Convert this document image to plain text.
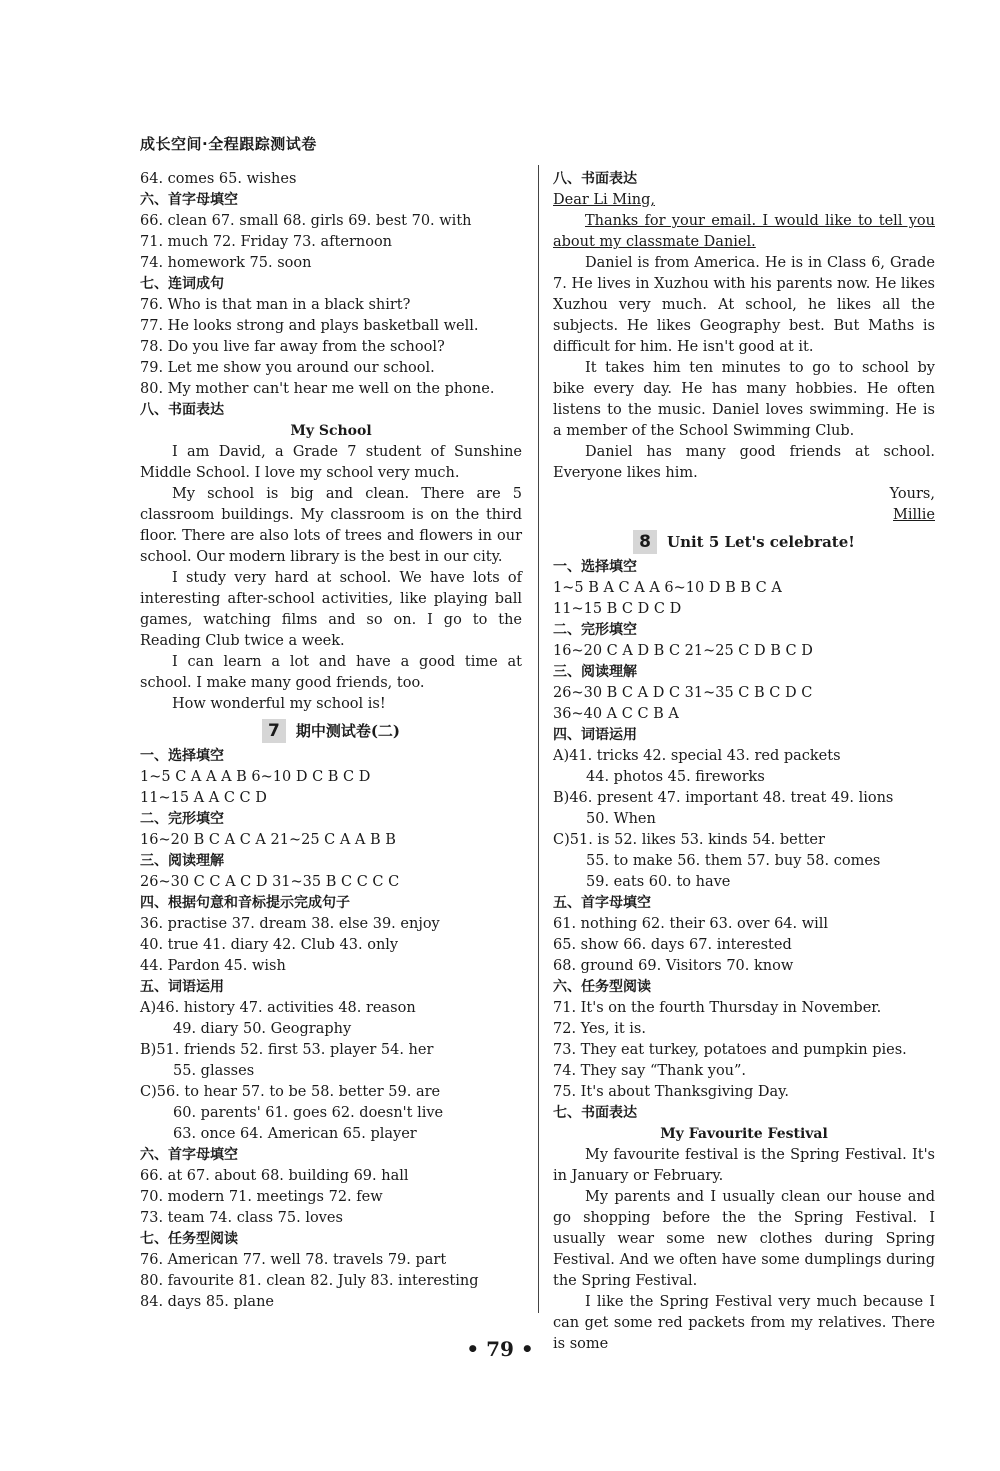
成长空间·全程跟踪测试卷
64. comes 65. wishes
六、首字母填空
66. clean 67. small 68. girls 69. best 70. with
71. much 72. Friday 73. afternoon
74. homework 75. soon
七、连词成句
76. Who is that man in a black shirt?
77. He looks strong and plays basketball well.
78. Do you live far away from the school?
79. Let me show you around our school.
80. My mother can't hear me well on the phone.
八、书面表达
My School
I am David, a Grade 7 student of Sunshine Middle School. I love my school very much.
My school is big and clean. There are 5 classroom buildings. My classroom is on the third floor. There are also lots of trees and flowers in our school. Our modern library is the best in our city.
I study very hard at school. We have lots of interesting after-school activities, like playing ball games, watching films and so on. I go to the Reading Club twice a week.
I can learn a lot and have a good time at school. I make many good friends, too.
How wonderful my school is!
7	期中测试卷(二)
一、选择填空
1~5 C A A A B 6~10 D C B C D
11~15 A A C C D
二、完形填空
16~20 B C A C A 21~25 C A A B B
三、阅读理解
26~30 C C A C D 31~35 B C C C C
四、根据句意和音标提示完成句子
36. practise 37. dream 38. else 39. enjoy
40. true 41. diary 42. Club 43. only
44. Pardon 45. wish
五、词语运用
A)46. history 47. activities 48. reason
49. diary 50. Geography
B)51. friends 52. first 53. player 54. her
55. glasses
C)56. to hear 57. to be 58. better 59. are
60. parents' 61. goes 62. doesn't live
63. once 64. American 65. player
六、首字母填空
66. at 67. about 68. building 69. hall
70. modern 71. meetings 72. few
73. team 74. class 75. loves
七、任务型阅读
76. American 77. well 78. travels 79. part
80. favourite 81. clean 82. July 83. interesting
84. days 85. plane
八、书面表达
Dear Li Ming,
Thanks for your email. I would like to tell you about my classmate Daniel.
Daniel is from America. He is in Class 6, Grade 7. He lives in Xuzhou with his parents now. He likes Xuzhou very much. At school, he likes all the subjects. He likes Geography best. But Maths is difficult for him. He isn't good at it.
It takes him ten minutes to go to school by bike every day. He has many hobbies. He often listens to the music. Daniel loves swimming. He is a member of the School Swimming Club.
Daniel has many good friends at school. Everyone likes him.
Yours,
Millie
8	Unit 5 Let's celebrate!
一、选择填空
1~5 B A C A A 6~10 D B B C A
11~15 B C D C D
二、完形填空
16~20 C A D B C 21~25 C D B C D
三、阅读理解
26~30 B C A D C 31~35 C B C D C
36~40 A C C B A
四、词语运用
A)41. tricks 42. special 43. red packets
44. photos 45. fireworks
B)46. present 47. important 48. treat 49. lions
50. When
C)51. is 52. likes 53. kinds 54. better
55. to make 56. them 57. buy 58. comes
59. eats 60. to have
五、首字母填空
61. nothing 62. their 63. over 64. will
65. show 66. days 67. interested
68. ground 69. Visitors 70. know
六、任务型阅读
71. It's on the fourth Thursday in November.
72. Yes, it is.
73. They eat turkey, potatoes and pumpkin pies.
74. They say “Thank you”.
75. It's about Thanksgiving Day.
七、书面表达
My Favourite Festival
My favourite festival is the Spring Festival. It's in January or February.
My parents and I usually clean our house and go shopping before the the Spring Festival. I usually wear some new clothes during Spring Festival. And we often have some dumplings during the Spring Festival.
I like the Spring Festival very much because I can get some red packets from my relatives. There is some
• 79 •
